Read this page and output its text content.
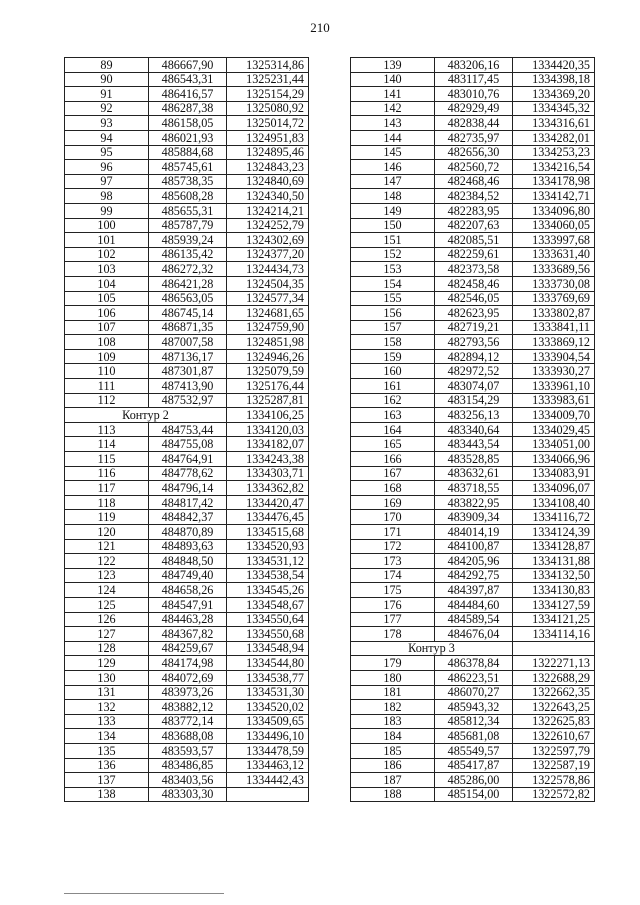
210
89	486667,90	1325314,86
90	486543,31	1325231,44
91	486416,57	1325154,29
92	486287,38	1325080,92
93	486158,05	1325014,72
94	486021,93	1324951,83
95	485884,68	1324895,46
96	485745,61	1324843,23
97	485738,35	1324840,69
98	485608,28	1324340,50
99	485655,31	1324214,21
100	485787,79	1324252,79
101	485939,24	1324302,69
102	486135,42	1324377,20
103	486272,32	1324434,73
104	486421,28	1324504,35
105	486563,05	1324577,34
106	486745,14	1324681,65
107	486871,35	1324759,90
108	487007,58	1324851,98
109	487136,17	1324946,26
110	487301,87	1325079,59
111	487413,90	1325176,44
112	487532,97	1325287,81
Контур 2		1334106,25
113	484753,44	1334120,03
114	484755,08	1334182,07
115	484764,91	1334243,38
116	484778,62	1334303,71
117	484796,14	1334362,82
118	484817,42	1334420,47
119	484842,37	1334476,45
120	484870,89	1334515,68
121	484893,63	1334520,93
122	484848,50	1334531,12
123	484749,40	1334538,54
124	484658,26	1334545,26
125	484547,91	1334548,67
126	484463,28	1334550,64
127	484367,82	1334550,68
128	484259,67	1334548,94
129	484174,98	1334544,80
130	484072,69	1334538,77
131	483973,26	1334531,30
132	483882,12	1334520,02
133	483772,14	1334509,65
134	483688,08	1334496,10
135	483593,57	1334478,59
136	483486,85	1334463,12
137	483403,56	1334442,43
138	483303,30	
139	483206,16	1334420,35
140	483117,45	1334398,18
141	483010,76	1334369,20
142	482929,49	1334345,32
143	482838,44	1334316,61
144	482735,97	1334282,01
145	482656,30	1334253,23
146	482560,72	1334216,54
147	482468,46	1334178,98
148	482384,52	1334142,71
149	482283,95	1334096,80
150	482207,63	1334060,05
151	482085,51	1333997,68
152	482259,61	1333631,40
153	482373,58	1333689,56
154	482458,46	1333730,08
155	482546,05	1333769,69
156	482623,95	1333802,87
157	482719,21	1333841,11
158	482793,56	1333869,12
159	482894,12	1333904,54
160	482972,52	1333930,27
161	483074,07	1333961,10
162	483154,29	1333983,61
163	483256,13	1334009,70
164	483340,64	1334029,45
165	483443,54	1334051,00
166	483528,85	1334066,96
167	483632,61	1334083,91
168	483718,55	1334096,07
169	483822,95	1334108,40
170	483909,34	1334116,72
171	484014,19	1334124,39
172	484100,87	1334128,87
173	484205,96	1334131,88
174	484292,75	1334132,50
175	484397,87	1334130,83
176	484484,60	1334127,59
177	484589,54	1334121,25
178	484676,04	1334114,16
Контур 3		
179	486378,84	1322271,13
180	486223,51	1322688,29
181	486070,27	1322662,35
182	485943,32	1322643,25
183	485812,34	1322625,83
184	485681,08	1322610,67
185	485549,57	1322597,79
186	485417,87	1322587,19
187	485286,00	1322578,86
188	485154,00	1322572,82
